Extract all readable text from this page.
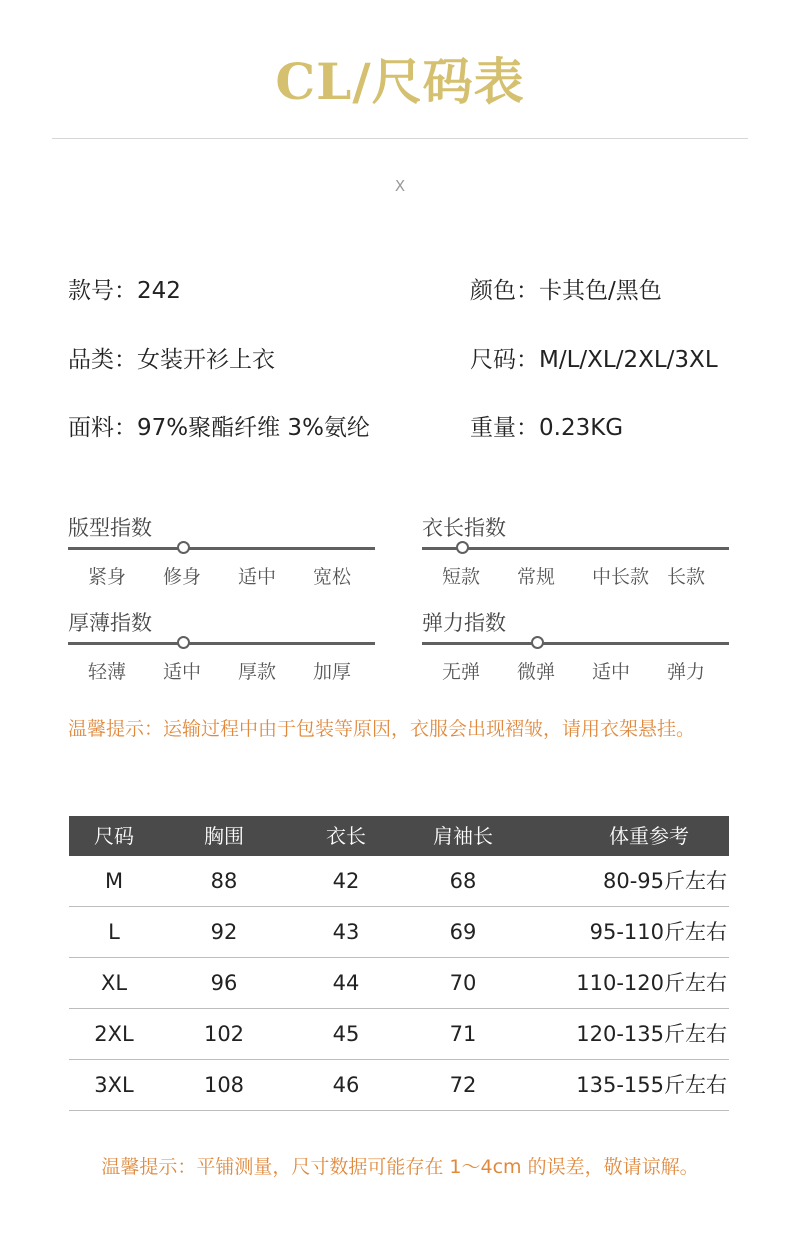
CL/尺码表
X
款号：242	颜色：卡其色/黑色
品类：女装开衫上衣	尺码：M/L/XL/2XL/3XL
面料：97%聚酯纤维 3%氨纶	重量：0.23KG
版型指数
紧身 修身 适中 宽松
衣长指数
短款 常规 中长款 长款
厚薄指数
轻薄 适中 厚款 加厚
弹力指数
无弹 微弹 适中 弹力
温馨提示：运输过程中由于包装等原因，衣服会出现褶皱，请用衣架悬挂。
尺码	胸围	衣长	肩袖长	体重参考
M	88	42	68	80-95斤左右
L	92	43	69	95-110斤左右
XL	96	44	70	110-120斤左右
2XL	102	45	71	120-135斤左右
3XL	108	46	72	135-155斤左右
温馨提示：平铺测量，尺寸数据可能存在 1～4cm 的误差，敬请谅解。
